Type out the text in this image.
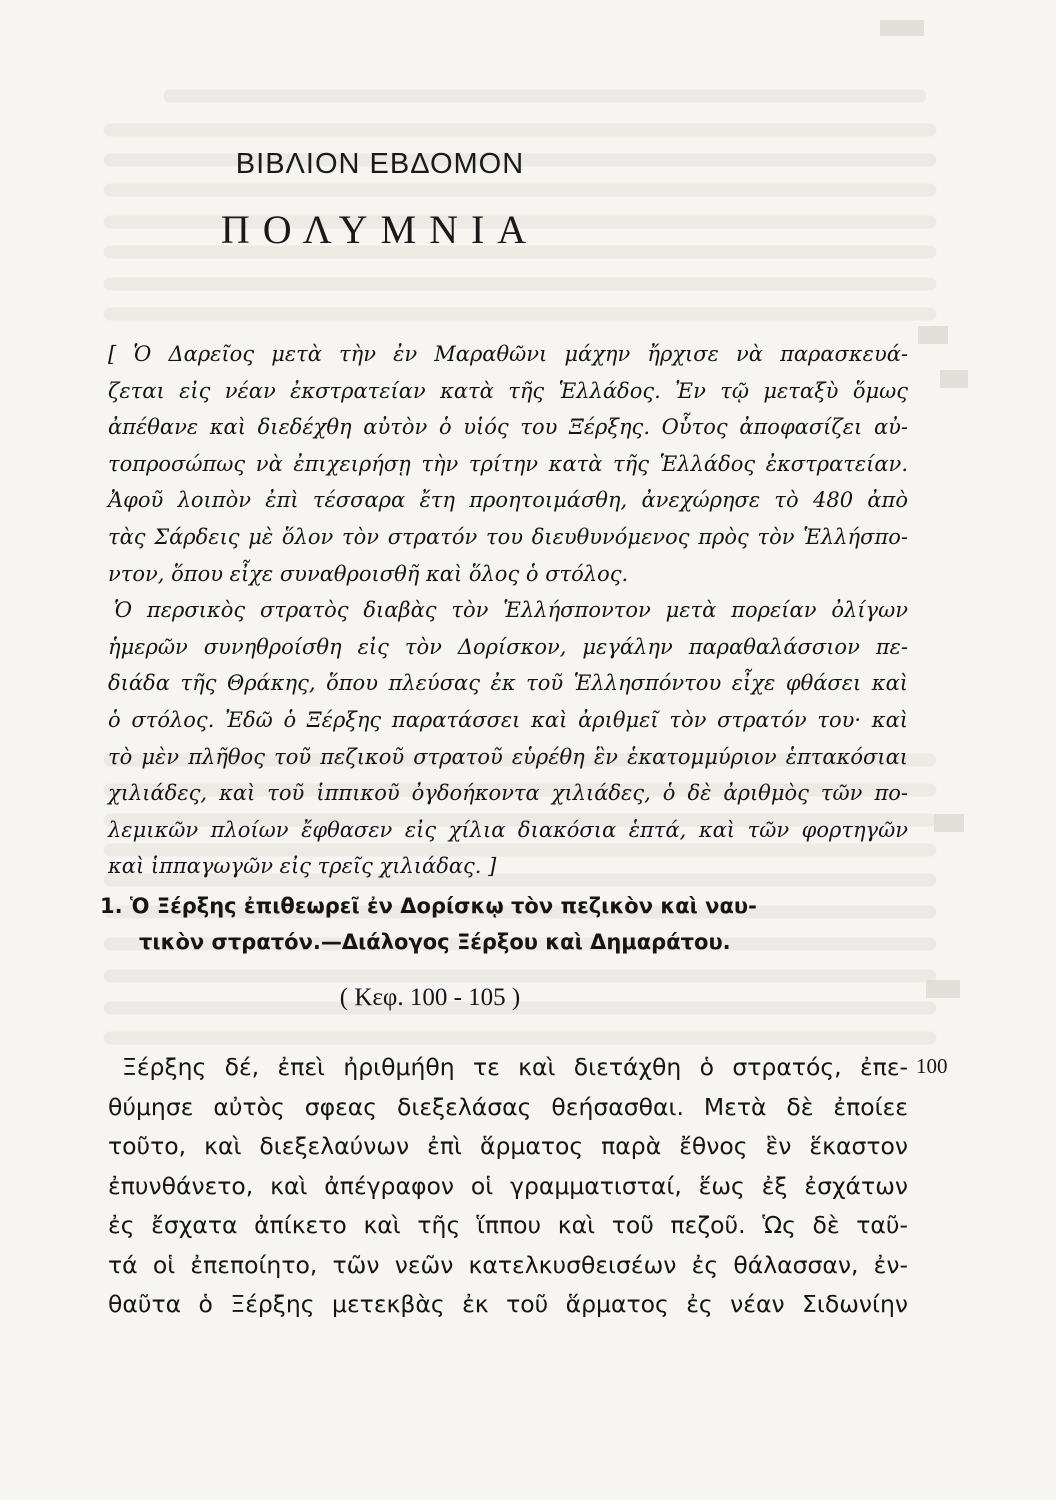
ΒΙΒΛΙΟΝ ΕΒΔΟΜΟΝ
ΠΟΛΥΜΝΙΑ
[ Ὁ Δαρεῖος μετὰ τὴν ἐν Μαραθῶνι μάχην ἤρχισε νὰ παρασκευά-
ζεται εἰς νέαν ἐκστρατείαν κατὰ τῆς Ἑλλάδος. Ἐν τῷ μεταξὺ ὅμως
ἀπέθανε καὶ διεδέχθη αὐτὸν ὁ υἱός του Ξέρξης. Οὗτος ἀποφασίζει αὐ-
τοπροσώπως νὰ ἐπιχειρήσῃ τὴν τρίτην κατὰ τῆς Ἑλλάδος ἐκστρατείαν.
Ἀφοῦ λοιπὸν ἐπὶ τέσσαρα ἔτη προητοιμάσθη, ἀνεχώρησε τὸ 480 ἀπὸ
τὰς Σάρδεις μὲ ὅλον τὸν στρατόν του διευθυνόμενος πρὸς τὸν Ἑλλήσπο-
ντον, ὅπου εἶχε συναθροισθῆ καὶ ὅλος ὁ στόλος.
Ὁ περσικὸς στρατὸς διαβὰς τὸν Ἑλλήσποντον μετὰ πορείαν ὀλίγων
ἡμερῶν συνηθροίσθη εἰς τὸν Δορίσκον, μεγάλην παραθαλάσσιον πε-
διάδα τῆς Θράκης, ὅπου πλεύσας ἐκ τοῦ Ἑλλησπόντου εἶχε φθάσει καὶ
ὁ στόλος. Ἐδῶ ὁ Ξέρξης παρατάσσει καὶ ἀριθμεῖ τὸν στρατόν του· καὶ
τὸ μὲν πλῆθος τοῦ πεζικοῦ στρατοῦ εὑρέθη ἓν ἑκατομμύριον ἑπτακόσιαι
χιλιάδες, καὶ τοῦ ἱππικοῦ ὀγδοήκοντα χιλιάδες, ὁ δὲ ἀριθμὸς τῶν πο-
λεμικῶν πλοίων ἔφθασεν εἰς χίλια διακόσια ἑπτά, καὶ τῶν φορτηγῶν
καὶ ἱππαγωγῶν εἰς τρεῖς χιλιάδας. ]
1. Ὁ Ξέρξης ἐπιθεωρεῖ ἐν Δορίσκῳ τὸν πεζικὸν καὶ ναυ-
τικὸν στρατόν.—Διάλογος Ξέρξου καὶ Δημαράτου.
( Κεφ. 100 - 105 )
100
Ξέρξης δέ, ἐπεὶ ἠριθμήθη τε καὶ διετάχθη ὁ στρατός, ἐπε-
θύμησε αὐτὸς σφεας διεξελάσας θεήσασθαι. Μετὰ δὲ ἐποίεε
τοῦτο, καὶ διεξελαύνων ἐπὶ ἅρματος παρὰ ἔθνος ἓν ἕκαστον
ἐπυνθάνετο, καὶ ἀπέγραφον οἱ γραμματισταί, ἕως ἐξ ἐσχάτων
ἐς ἔσχατα ἀπίκετο καὶ τῆς ἵππου καὶ τοῦ πεζοῦ. Ὡς δὲ ταῦ-
τά οἱ ἐπεποίητο, τῶν νεῶν κατελκυσθεισέων ἐς θάλασσαν, ἐν-
θαῦτα ὁ Ξέρξης μετεκβὰς ἐκ τοῦ ἅρματος ἐς νέαν Σιδωνίην
